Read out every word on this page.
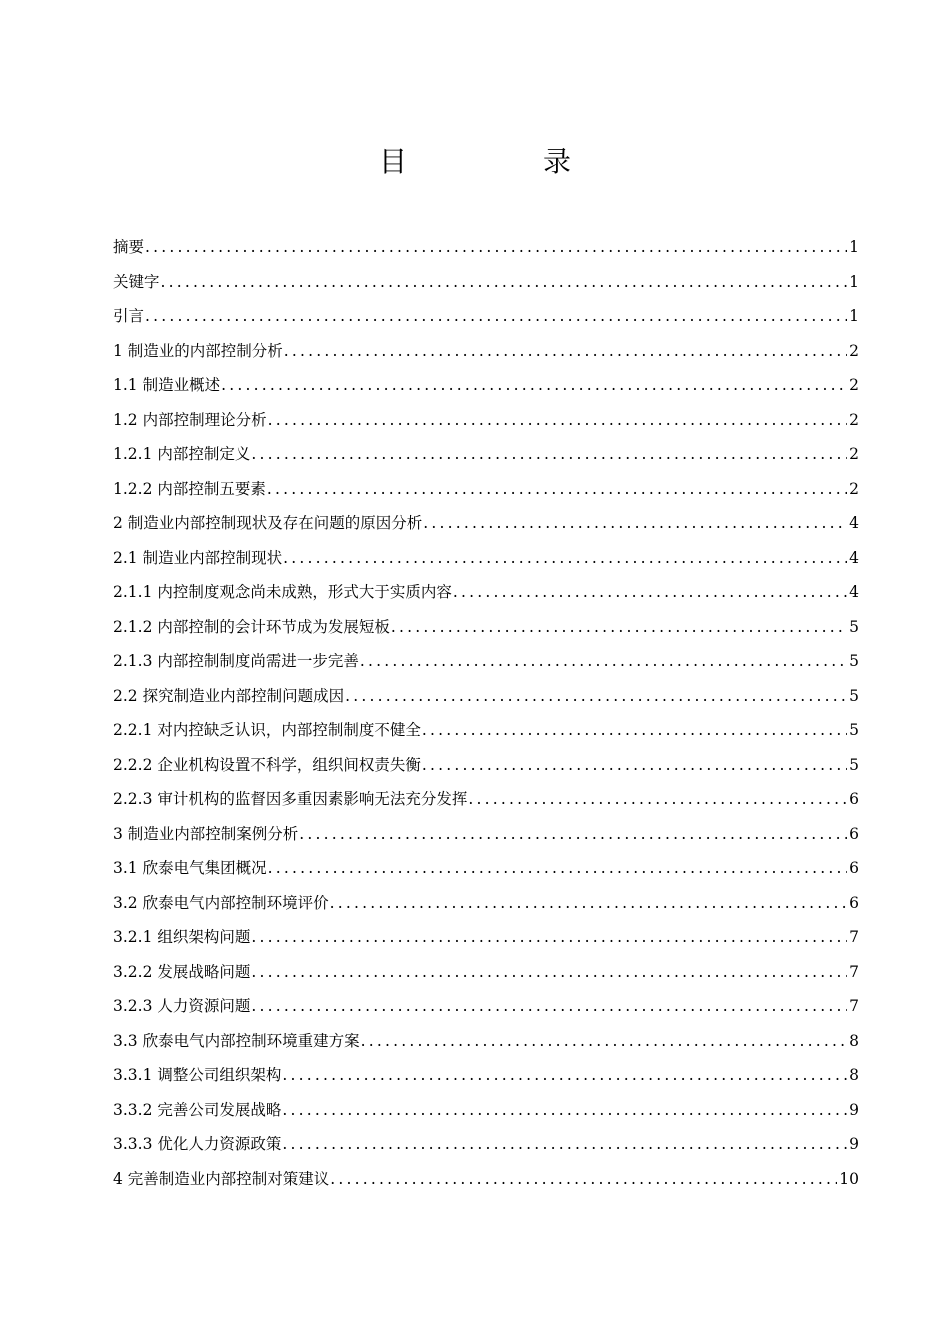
目　录
摘要 .....	1
关键字 .....	1
引言 .....	1
1 制造业的内部控制分析 .....	2
1.1 制造业概述 .....	2
1.2 内部控制理论分析 .....	2
1.2.1 内部控制定义 .....	2
1.2.2 内部控制五要素 .....	2
2 制造业内部控制现状及存在问题的原因分析 .....	4
2.1 制造业内部控制现状 .....	4
2.1.1 内控制度观念尚未成熟，形式大于实质内容 .....	4
2.1.2 内部控制的会计环节成为发展短板 .....	5
2.1.3 内部控制制度尚需进一步完善 .....	5
2.2 探究制造业内部控制问题成因 .....	5
2.2.1 对内控缺乏认识，内部控制制度不健全 .....	5
2.2.2 企业机构设置不科学，组织间权责失衡 .....	5
2.2.3 审计机构的监督因多重因素影响无法充分发挥 .....	6
3 制造业内部控制案例分析 .....	6
3.1 欣泰电气集团概况 .....	6
3.2 欣泰电气内部控制环境评价 .....	6
3.2.1 组织架构问题 .....	7
3.2.2 发展战略问题 .....	7
3.2.3 人力资源问题 .....	7
3.3 欣泰电气内部控制环境重建方案 .....	8
3.3.1 调整公司组织架构 .....	8
3.3.2 完善公司发展战略 .....	9
3.3.3 优化人力资源政策 .....	9
4 完善制造业内部控制对策建议 .....	10
